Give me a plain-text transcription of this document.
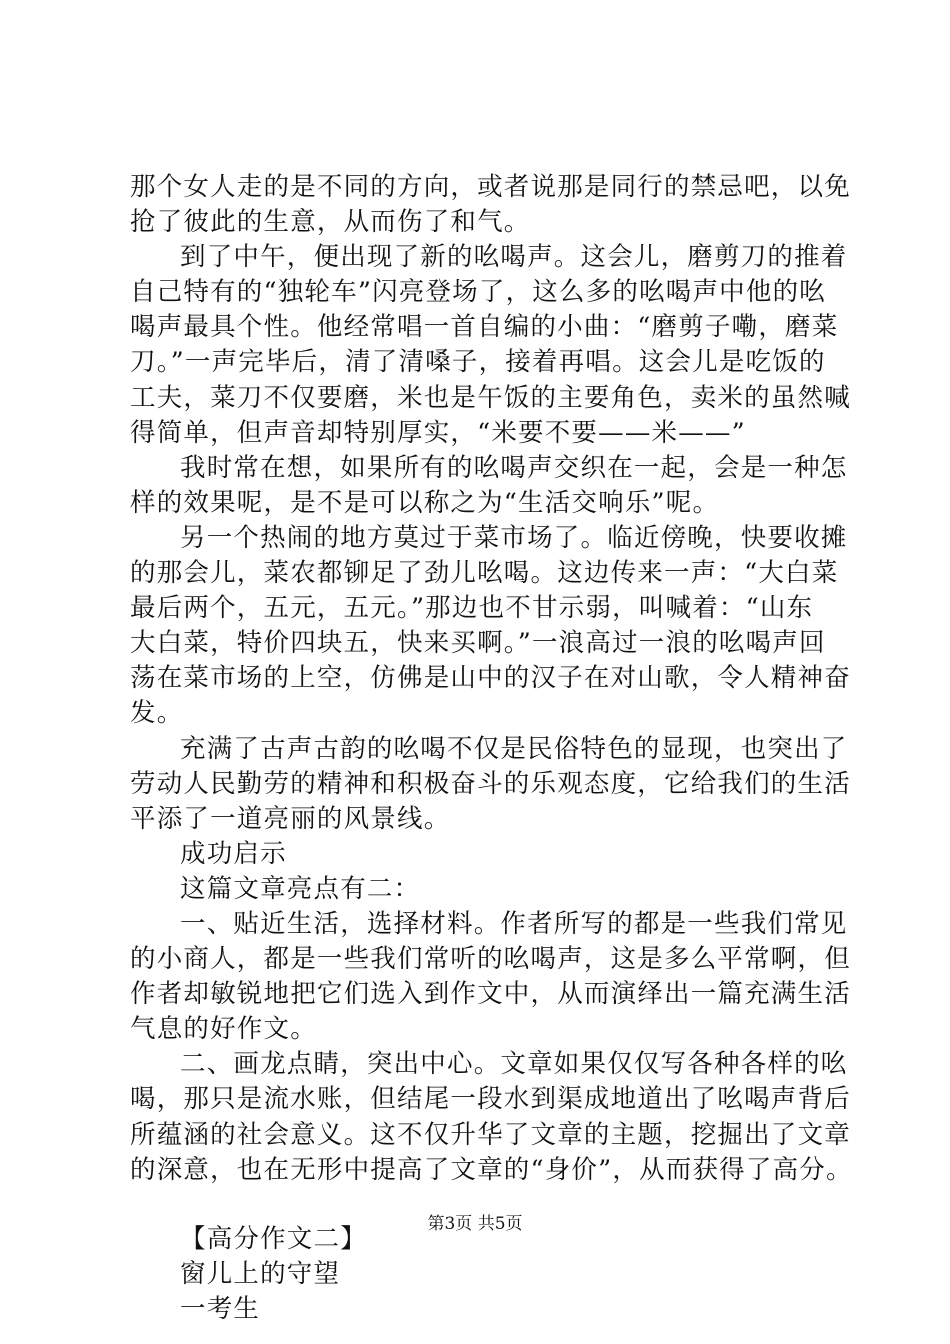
那个女人走的是不同的方向，或者说那是同行的禁忌吧，以免
抢了彼此的生意，从而伤了和气。
到了中午，便出现了新的吆喝声。这会儿，磨剪刀的推着
自己特有的“独轮车”闪亮登场了，这么多的吆喝声中他的吆
喝声最具个性。他经常唱一首自编的小曲：“磨剪子嘞，磨菜
刀。”一声完毕后，清了清嗓子，接着再唱。这会儿是吃饭的
工夫，菜刀不仅要磨，米也是午饭的主要角色，卖米的虽然喊
得简单，但声音却特别厚实，“米要不要——米——”
我时常在想，如果所有的吆喝声交织在一起，会是一种怎
样的效果呢，是不是可以称之为“生活交响乐”呢。
另一个热闹的地方莫过于菜市场了。临近傍晚，快要收摊
的那会儿，菜农都铆足了劲儿吆喝。这边传来一声：“大白菜
最后两个，五元，五元。”那边也不甘示弱，叫喊着：“山东
大白菜，特价四块五，快来买啊。”一浪高过一浪的吆喝声回
荡在菜市场的上空，仿佛是山中的汉子在对山歌，令人精神奋
发。
充满了古声古韵的吆喝不仅是民俗特色的显现，也突出了
劳动人民勤劳的精神和积极奋斗的乐观态度，它给我们的生活
平添了一道亮丽的风景线。
成功启示
这篇文章亮点有二：
一、贴近生活，选择材料。作者所写的都是一些我们常见
的小商人，都是一些我们常听的吆喝声，这是多么平常啊，但
作者却敏锐地把它们选入到作文中，从而演绎出一篇充满生活
气息的好作文。
二、画龙点睛，突出中心。文章如果仅仅写各种各样的吆
喝，那只是流水账，但结尾一段水到渠成地道出了吆喝声背后
所蕴涵的社会意义。这不仅升华了文章的主题，挖掘出了文章
的深意，也在无形中提高了文章的“身价”，从而获得了高分。
【高分作文二】
窗儿上的守望
一考生
第3页 共5页
